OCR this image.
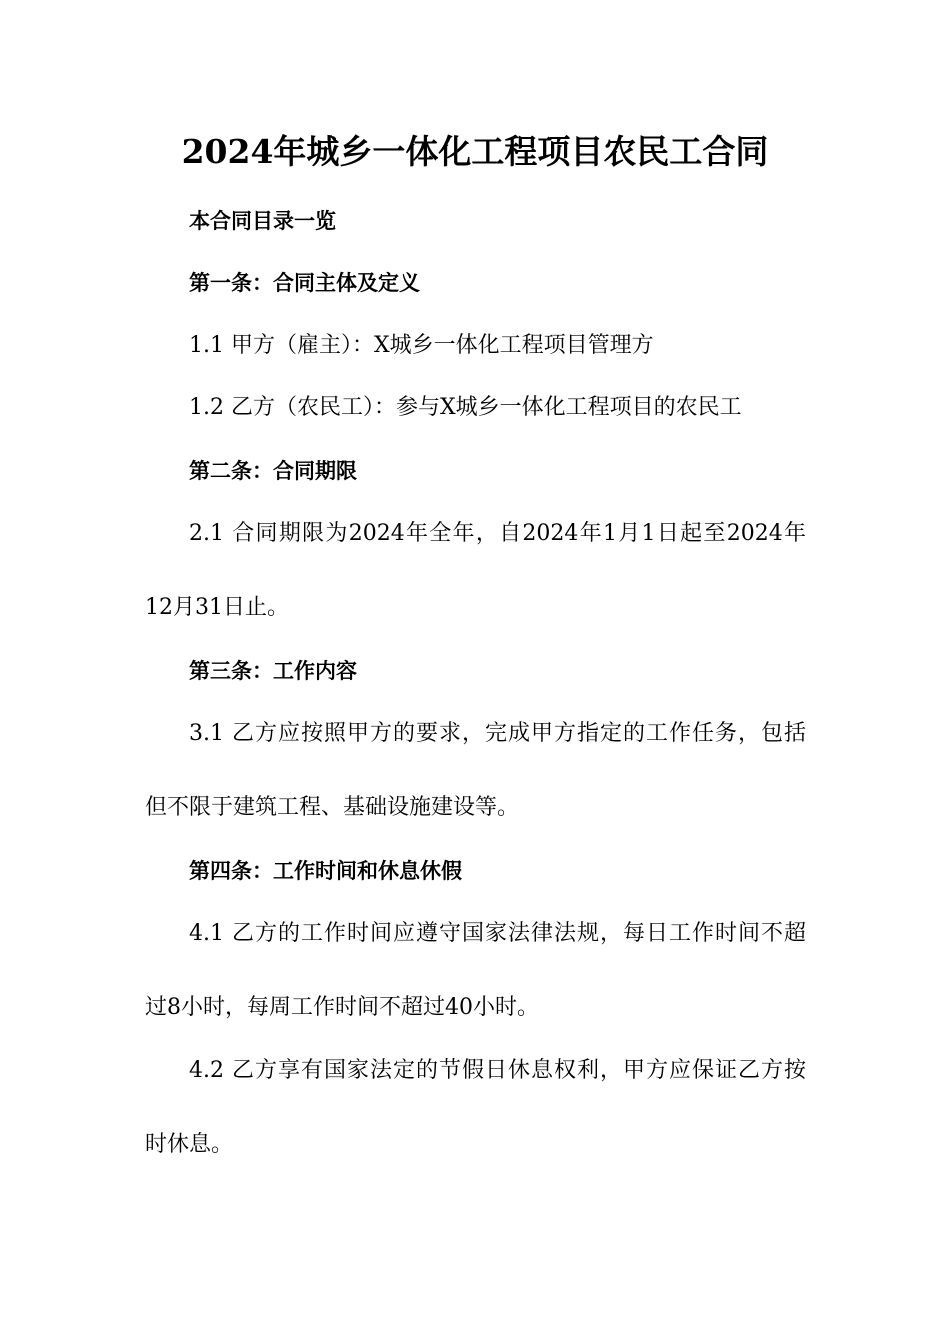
2024年城乡一体化工程项目农民工合同
本合同目录一览
第一条：合同主体及定义
1.1 甲方（雇主）：X城乡一体化工程项目管理方
1.2 乙方（农民工）：参与X城乡一体化工程项目的农民工
第二条：合同期限
2.1 合同期限为2024年全年，自2024年1月1日起至2024年
12月31日止。
第三条：工作内容
3.1 乙方应按照甲方的要求，完成甲方指定的工作任务，包括
但不限于建筑工程、基础设施建设等。
第四条：工作时间和休息休假
4.1 乙方的工作时间应遵守国家法律法规，每日工作时间不超
过8小时，每周工作时间不超过40小时。
4.2 乙方享有国家法定的节假日休息权利，甲方应保证乙方按
时休息。
